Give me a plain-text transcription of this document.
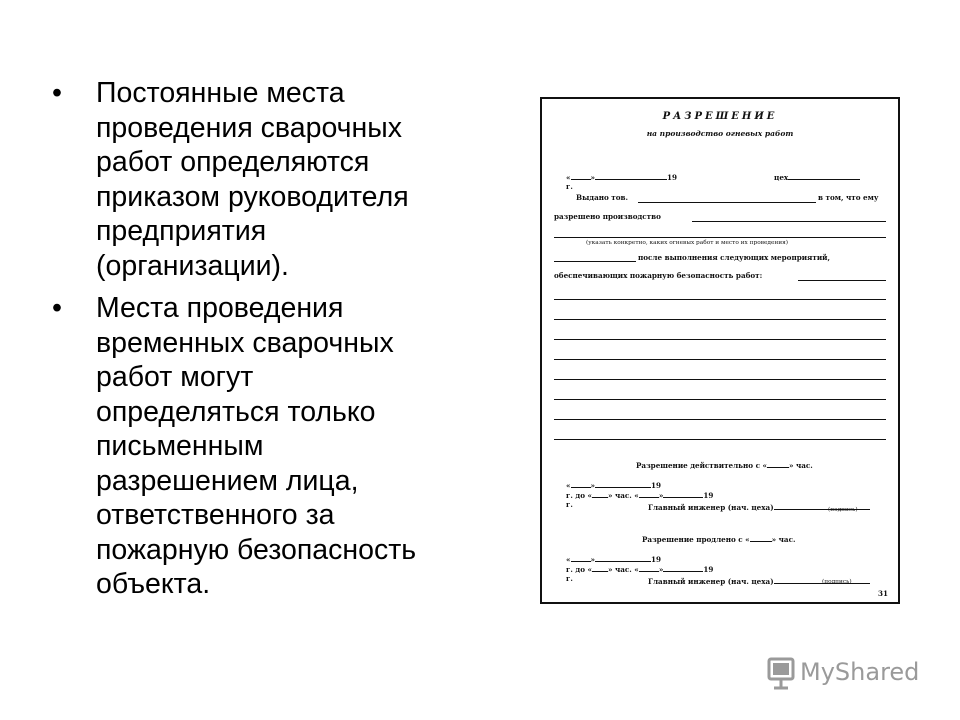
• Постоянные места
проведения сварочных
работ определяются
приказом руководителя
предприятия
(организации).
• Места проведения
временных сварочных
работ могут
определяться только
письменным
разрешением лица,
ответственного за
пожарную безопасность
объекта.
РАЗРЕШЕНИЕ
на производство огневых работ

«	»	19
г.

цех

Выдано тов.	в том, что ему
разрешено производство
(указать конкретно, каких огневых работ и место их проведения)
после выполнения следующих мероприятий,
обеспечивающих пожарную безопасность работ:

Разрешение действительно с «	» час.

«	»	19
г. до « » час. «	»	19
г.
	Главный инженер (нач. цеха)
	(подпись)

Разрешение продлено с «	» час.

«	»	19
г. до « » час. «	»	19
г.
	Главный инженер (нач. цеха)
	(подпись)
31
MyShared
